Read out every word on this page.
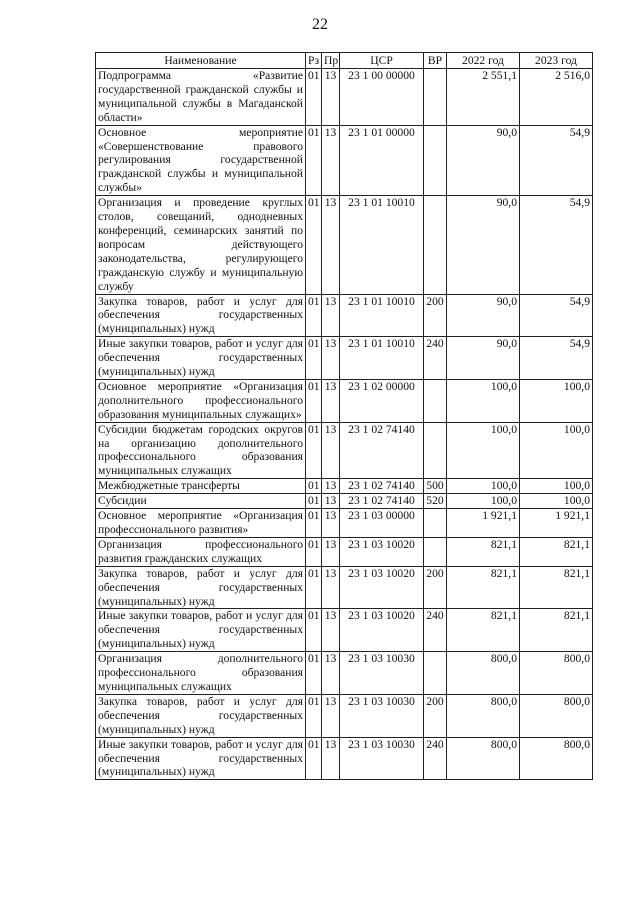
22
Наименование	Рз	Пр	ЦСР	ВР	2022 год	2023 год
Подпрограмма «Развитие государственной гражданской службы и муниципальной службы в Магаданской области»	01	13	23 1 00 00000		2 551,1	2 516,0
Основное мероприятие «Совершенствование правового регулирования государственной гражданской службы и муниципальной службы»	01	13	23 1 01 00000		90,0	54,9
Организация и проведение круглых столов, совещаний, однодневных конференций, семинарских занятий по вопросам действующего законодательства, регулирующего гражданскую службу и муниципальную службу	01	13	23 1 01 10010		90,0	54,9
Закупка товаров, работ и услуг для обеспечения государственных (муниципальных) нужд	01	13	23 1 01 10010	200	90,0	54,9
Иные закупки товаров, работ и услуг для обеспечения государственных (муниципальных) нужд	01	13	23 1 01 10010	240	90,0	54,9
Основное мероприятие «Организация дополнительного профессионального образования муниципальных служащих»	01	13	23 1 02 00000		100,0	100,0
Субсидии бюджетам городских округов на организацию дополнительного профессионального образования муниципальных служащих	01	13	23 1 02 74140		100,0	100,0
Межбюджетные трансферты	01	13	23 1 02 74140	500	100,0	100,0
Субсидии	01	13	23 1 02 74140	520	100,0	100,0
Основное мероприятие «Организация профессионального развития»	01	13	23 1 03 00000		1 921,1	1 921,1
Организация профессионального развития гражданских служащих	01	13	23 1 03 10020		821,1	821,1
Закупка товаров, работ и услуг для обеспечения государственных (муниципальных) нужд	01	13	23 1 03 10020	200	821,1	821,1
Иные закупки товаров, работ и услуг для обеспечения государственных (муниципальных) нужд	01	13	23 1 03 10020	240	821,1	821,1
Организация дополнительного профессионального образования муниципальных служащих	01	13	23 1 03 10030		800,0	800,0
Закупка товаров, работ и услуг для обеспечения государственных (муниципальных) нужд	01	13	23 1 03 10030	200	800,0	800,0
Иные закупки товаров, работ и услуг для обеспечения государственных (муниципальных) нужд	01	13	23 1 03 10030	240	800,0	800,0
